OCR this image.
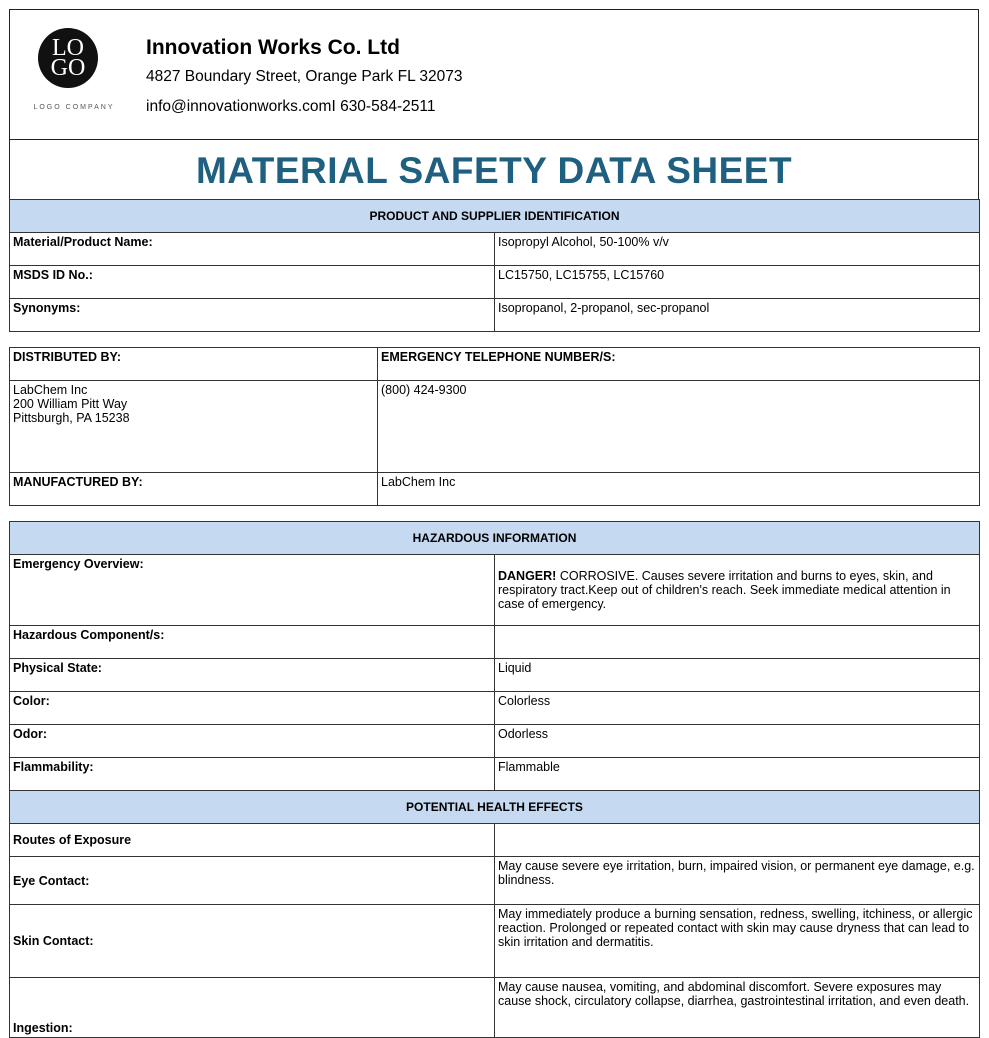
LO
GO
LOGO COMPANY
Innovation Works Co. Ltd
4827 Boundary Street, Orange Park FL 32073
info@innovationworks.comI 630-584-2511
MATERIAL SAFETY DATA SHEET
PRODUCT AND SUPPLIER IDENTIFICATION	
Material/Product Name:	Isopropyl Alcohol, 50-100% v/v
MSDS ID No.:	LC15750, LC15755, LC15760
Synonyms:	Isopropanol, 2-propanol, sec-propanol
DISTRIBUTED BY:	EMERGENCY TELEPHONE NUMBER/S:
LabChem Inc
200 William Pitt Way
Pittsburgh, PA 15238	(800) 424-9300
MANUFACTURED BY:	LabChem Inc
HAZARDOUS INFORMATION	
Emergency Overview:	DANGER! CORROSIVE. Causes severe irritation and burns to eyes, skin, and respiratory tract.Keep out of children's reach. Seek immediate medical attention in case of emergency.
Hazardous Component/s:	
Physical State:	Liquid
Color:	Colorless
Odor:	Odorless
Flammability:	Flammable
POTENTIAL HEALTH EFFECTS	
Routes of Exposure	
Eye Contact:	May cause severe eye irritation, burn, impaired vision, or permanent eye damage, e.g. blindness.
Skin Contact:	May immediately produce a burning sensation, redness, swelling, itchiness, or allergic reaction. Prolonged or repeated contact with skin may cause dryness that can lead to skin irritation and dermatitis.
Ingestion:	May cause nausea, vomiting, and abdominal discomfort. Severe exposures may cause shock, circulatory collapse, diarrhea, gastrointestinal irritation, and even death.
